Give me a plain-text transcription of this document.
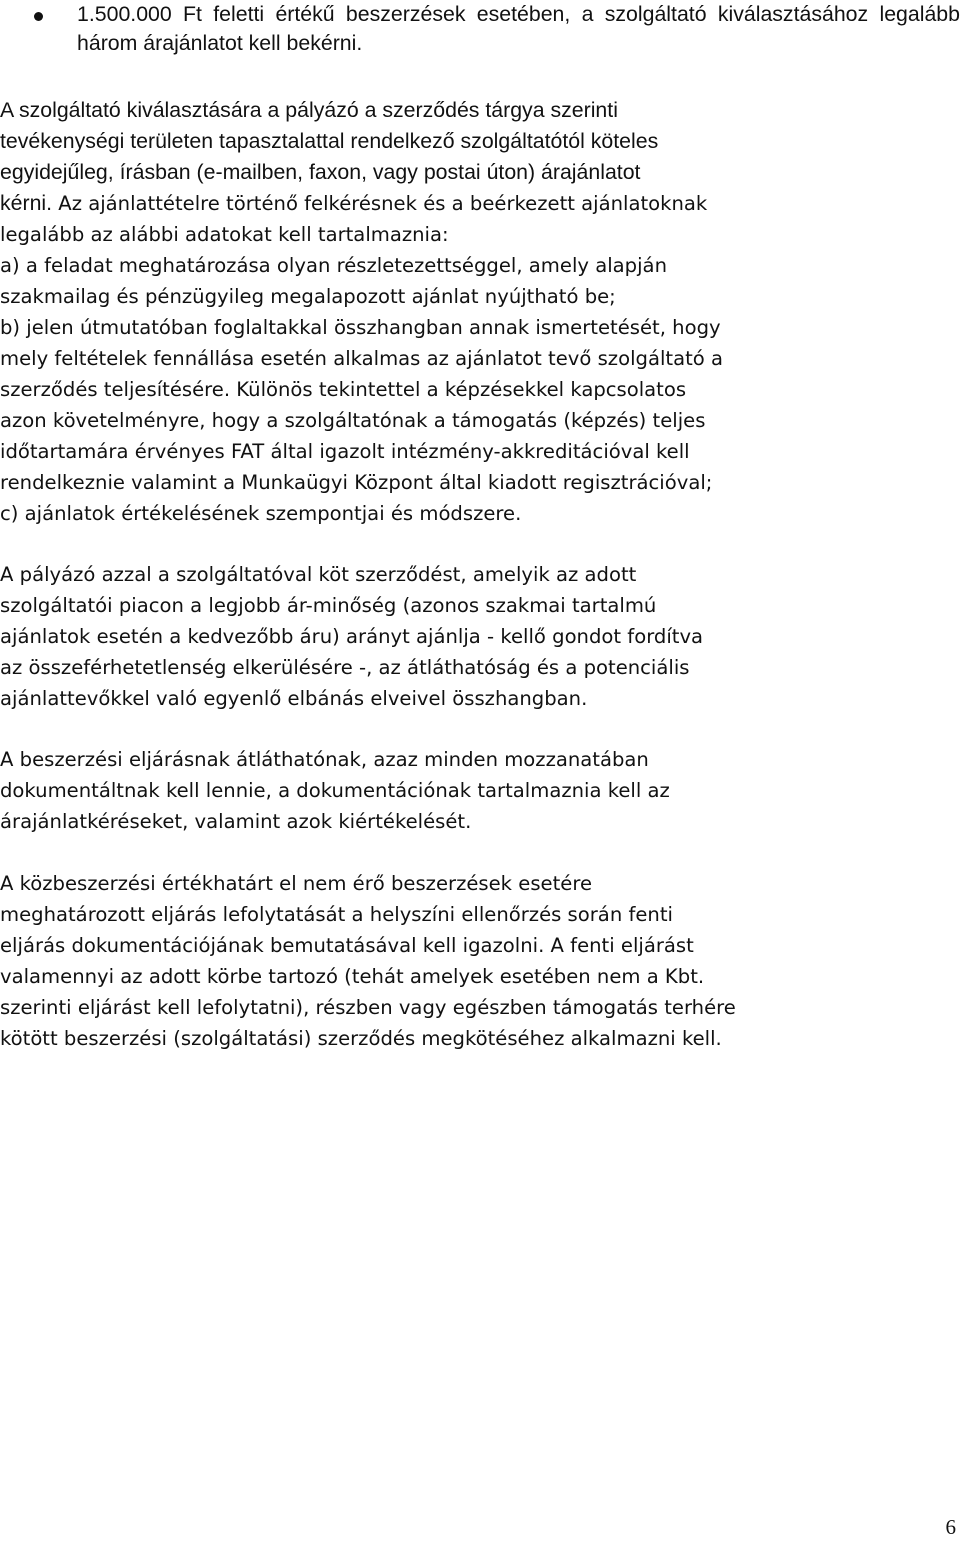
1.500.000 Ft feletti értékű beszerzések esetében, a szolgáltató kiválasztásához legalább három árajánlatot kell bekérni.
A szolgáltató kiválasztására a pályázó a szerződés tárgya szerinti
tevékenységi területen tapasztalattal rendelkező szolgáltatótól köteles
egyidejűleg, írásban (e-mailben, faxon, vagy postai úton) árajánlatot
kérni. Az ajánlattételre történő felkérésnek és a beérkezett ajánlatoknak
legalább az alábbi adatokat kell tartalmaznia:
a) a feladat meghatározása olyan részletezettséggel, amely alapján
szakmailag és pénzügyileg megalapozott ajánlat nyújtható be;
b) jelen útmutatóban foglaltakkal összhangban annak ismertetését, hogy
mely feltételek fennállása esetén alkalmas az ajánlatot tevő szolgáltató a
szerződés teljesítésére. Különös tekintettel a képzésekkel kapcsolatos
azon követelményre, hogy a szolgáltatónak a támogatás (képzés) teljes
időtartamára érvényes FAT által igazolt intézmény-akkreditációval kell
rendelkeznie valamint a Munkaügyi Központ által kiadott regisztrációval;
c) ajánlatok értékelésének szempontjai és módszere.
A pályázó azzal a szolgáltatóval köt szerződést, amelyik az adott
szolgáltatói piacon a legjobb ár-minőség (azonos szakmai tartalmú
ajánlatok esetén a kedvezőbb áru) arányt ajánlja - kellő gondot fordítva
az összeférhetetlenség elkerülésére -, az átláthatóság és a potenciális
ajánlattevőkkel való egyenlő elbánás elveivel összhangban.
A beszerzési eljárásnak átláthatónak, azaz minden mozzanatában
dokumentáltnak kell lennie, a dokumentációnak tartalmaznia kell az
árajánlatkéréseket, valamint azok kiértékelését.
A közbeszerzési értékhatárt el nem érő beszerzések esetére
meghatározott eljárás lefolytatását a helyszíni ellenőrzés során fenti
eljárás dokumentációjának bemutatásával kell igazolni. A fenti eljárást
valamennyi az adott körbe tartozó (tehát amelyek esetében nem a Kbt.
szerinti eljárást kell lefolytatni), részben vagy egészben támogatás terhére
kötött beszerzési (szolgáltatási) szerződés megkötéséhez alkalmazni kell.
6
